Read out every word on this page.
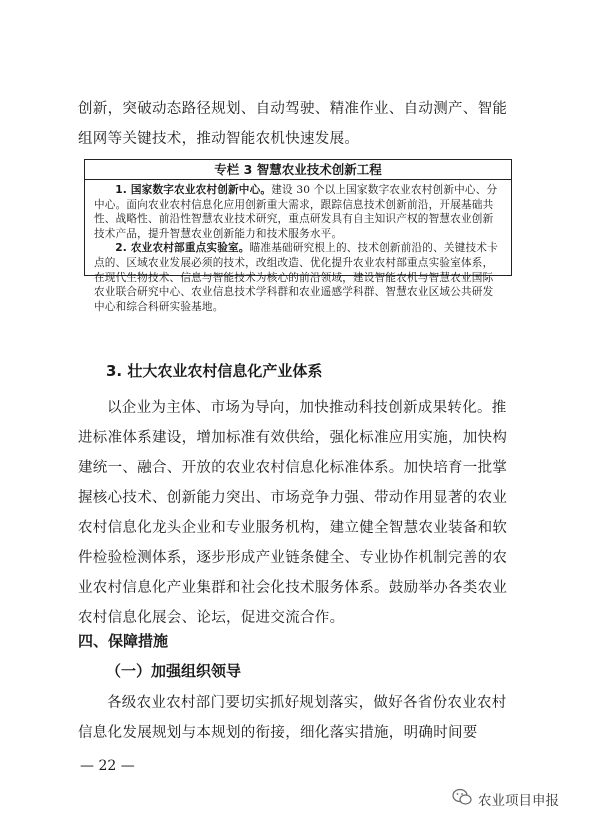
创新，突破动态路径规划、自动驾驶、精准作业、自动测产、智能组网等关键技术，推动智能农机快速发展。
专栏 3 智慧农业技术创新工程

1. 国家数字农业农村创新中心。建设 30 个以上国家数字农业农村创新中心、分中心。面向农业农村信息化应用创新重大需求，跟踪信息技术创新前沿，开展基础共性、战略性、前沿性智慧农业技术研究，重点研发具有自主知识产权的智慧农业创新技术产品，提升智慧农业创新能力和技术服务水平。

2. 农业农村部重点实验室。瞄准基础研究根上的、技术创新前沿的、关键技术卡点的、区域农业发展必须的技术，改组改造、优化提升农业农村部重点实验室体系，在现代生物技术、信息与智能技术为核心的前沿领域，建设智能农机与智慧农业国际农业联合研究中心、农业信息技术学科群和农业遥感学科群、智慧农业区域公共研发中心和综合科研实验基地。

3. 壮大农业农村信息化产业体系
以企业为主体、市场为导向，加快推动科技创新成果转化。推进标准体系建设，增加标准有效供给，强化标准应用实施，加快构建统一、融合、开放的农业农村信息化标准体系。加快培育一批掌握核心技术、创新能力突出、市场竞争力强、带动作用显著的农业农村信息化龙头企业和专业服务机构，建立健全智慧农业装备和软件检验检测体系，逐步形成产业链条健全、专业协作机制完善的农业农村信息化产业集群和社会化技术服务体系。鼓励举办各类农业农村信息化展会、论坛，促进交流合作。
四、保障措施
（一）加强组织领导
各级农业农村部门要切实抓好规划落实，做好各省份农业农村信息化发展规划与本规划的衔接，细化落实措施，明确时间要
— 22 —
农业项目申报
